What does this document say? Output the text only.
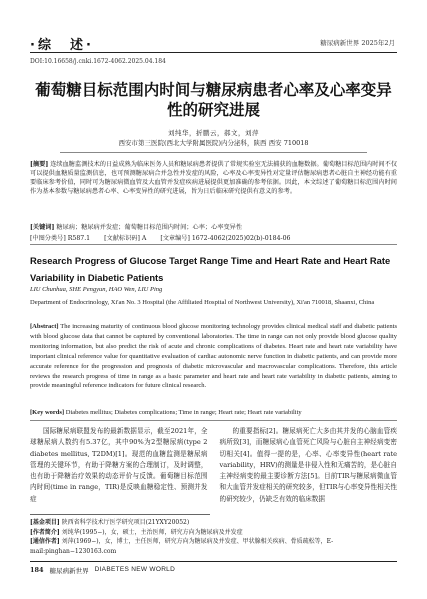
·综　述·	糖尿病新世界 2025年2月
DOI:10.16658/j.cnki.1672-4062.2025.04.184
葡萄糖目标范围内时间与糖尿病患者心率及心率变异性的研究进展
刘纯华，折鹏云，郝文，刘萍
西安市第三医院(西北大学附属医院)内分泌科，陕西 西安 710018
[摘要] 连续血糖监测技术的日益成熟为临床医务人员和糖尿病患者提供了常规实验室无法捕获的血糖数据。葡萄糖目标范围内时间不仅可以提供血糖质量监测信息，也可预测糖尿病合并急性并发症的风险，心率及心率变异性对定量评估糖尿病患者心脏自主神经功能有重要临床参考价值，同时可为糖尿病微血管及大血管并发症疾病进展提供更加准确的参考依据。因此，本文综述了葡萄糖目标范围内时间作为基本参数与糖尿病患者心率、心率变异性的研究进展，旨为日后临床研究提供有意义的参考。
[关键词] 糖尿病；糖尿病并发症；葡萄糖目标范围内时间；心率；心率变异性
[中图分类号] R587.1 [文献标识码] A [文章编号] 1672-4062(2025)02(b)-0184-06
Research Progress of Glucose Target Range Time and Heart Rate and Heart Rate Variability in Diabetic Patients
LIU Chunhua, SHE Pengyun, HAO Wen, LIU Ping
Department of Endocrinology, Xi'an No. 3 Hospital (the Affiliated Hospital of Northwest University), Xi'an 710018, Shaanxi, China
[Abstract] The increasing maturity of continuous blood glucose monitoring technology provides clinical medical staff and diabetic patients with blood glucose data that cannot be captured by conventional laboratories. The time in range can not only provide blood glucose quality monitoring information, but also predict the risk of acute and chronic complications of diabetes. Heart rate and heart rate variability have important clinical reference value for quantitative evaluation of cardiac autonomic nerve function in diabetic patients, and can provide more accurate reference for the progression and prognosis of diabetic microvascular and macrovascular complications. Therefore, this article reviews the research progress of time in range as a basic parameter and heart rate and heart rate variability in diabetic patients, aiming to provide meaningful reference indicators for future clinical research.
[Key words] Diabetes mellitus; Diabetes complications; Time in range; Heart rate; Heart rate variability
国际糖尿病联盟发布的最新数据显示，截至2021年，全球糖尿病人数约有5.37亿，其中90%为2型糖尿病(type 2 diabetes mellitus, T2DM)[1]。现范的血糖监测是糖尿病管理的关键环节，有助于降糖方案的合理制订，及时调整，也有助于降糖治疗效果的动态评价与反馈。葡萄糖目标范围内时间(time in range，TIR)是反映血糖稳定性、预测并发症
的重要指标[2]。糖尿病死亡大多由其并发的心脑血管疾病所致[3]，而糖尿病心血管死亡风险与心脏自主神经病变密切相关[4]。值得一提的是，心率、心率变异性(heart rate variability，HRV)的测量是非侵入性和无痛苦的，是心脏自主神经病变的最主要诊断方法[5]。目前TIR与糖尿病微血管和大血管并发症相关的研究较多，但TIR与心率变异性相关性的研究较少，仍缺乏有效的临床数据
[基金项目] 陕西省科学技术厅医学研究项目(21YXY20052)
[作者简介] 刘纯华(1995−)，女，硕士，主治医师，研究方向为糖尿病及并发症
[通信作者] 刘萍(1969−)，女，博士，主任医师，研究方向为糖尿病及并发症、甲状腺相关疾病、骨质疏松等，E-mail:pinghan−1230163.com
184 糖尿病新世界 DIABETES NEW WORLD
